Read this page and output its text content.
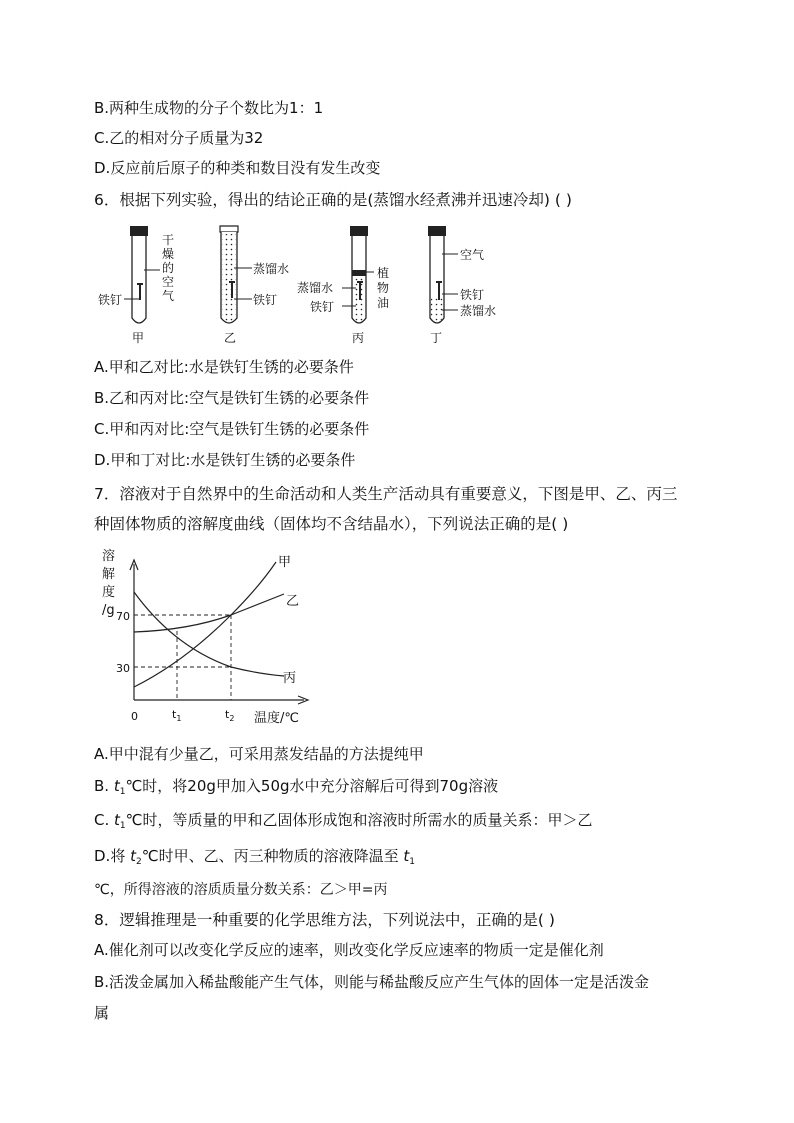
B.两种生成物的分子个数比为1：1
C.乙的相对分子质量为32
D.反应前后原子的种类和数目没有发生改变
6．根据下列实验，得出的结论正确的是(蒸馏水经煮沸并迅速冷却) ( )
铁钉
干
燥
的
空
气
甲
蒸馏水
铁钉
乙
蒸馏水
铁钉
植
物
油
丙
空气
铁钉
蒸馏水
丁
A.甲和乙对比:水是铁钉生锈的必要条件
B.乙和丙对比:空气是铁钉生锈的必要条件
C.甲和丙对比:空气是铁钉生锈的必要条件
D.甲和丁对比:水是铁钉生锈的必要条件
7．溶液对于自然界中的生命活动和人类生产活动具有重要意义，下图是甲、乙、丙三
种固体物质的溶解度曲线（固体均不含结晶水），下列说法正确的是( )
溶
解
度
/g
甲
乙
丙
70
30
0	$t_1$	$t_2$ 温度/℃
A.甲中混有少量乙，可采用蒸发结晶的方法提纯甲
B. $t_1℃$时，将20g甲加入50g水中充分溶解后可得到70g溶液
C. $t_1℃$时，等质量的甲和乙固体形成饱和溶液时所需水的质量关系：甲＞乙
D.将 $t_2℃$时甲、乙、丙三种物质的溶液降温至 $t_1$
℃，所得溶液的溶质质量分数关系：乙＞甲=丙
8．逻辑推理是一种重要的化学思维方法，下列说法中，正确的是( )
A.催化剂可以改变化学反应的速率，则改变化学反应速率的物质一定是催化剂
B.活泼金属加入稀盐酸能产生气体，则能与稀盐酸反应产生气体的固体一定是活泼金
属
